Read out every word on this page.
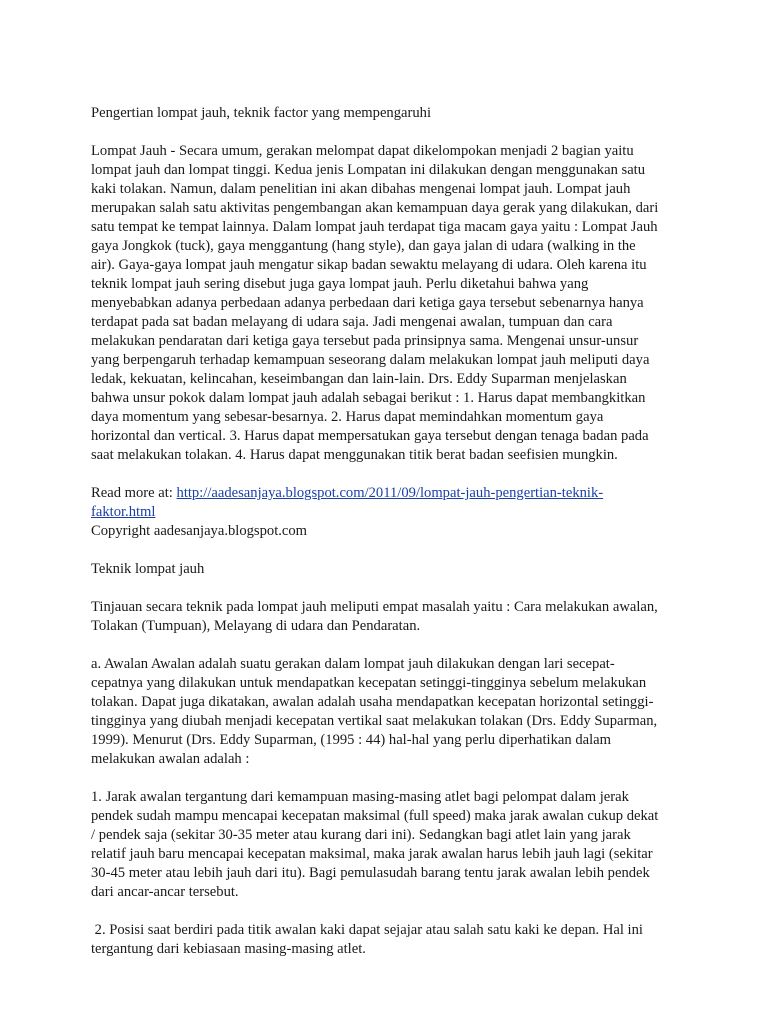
Pengertian lompat jauh, teknik factor yang mempengaruhi

Lompat Jauh - Secara umum, gerakan melompat dapat dikelompokan menjadi 2 bagian yaitu
lompat jauh dan lompat tinggi. Kedua jenis Lompatan ini dilakukan dengan menggunakan satu
kaki tolakan. Namun, dalam penelitian ini akan dibahas mengenai lompat jauh. Lompat jauh
merupakan salah satu aktivitas pengembangan akan kemampuan daya gerak yang dilakukan, dari
satu tempat ke tempat lainnya. Dalam lompat jauh terdapat tiga macam gaya yaitu : Lompat Jauh
gaya Jongkok (tuck), gaya menggantung (hang style), dan gaya jalan di udara (walking in the
air). Gaya-gaya lompat jauh mengatur sikap badan sewaktu melayang di udara. Oleh karena itu
teknik lompat jauh sering disebut juga gaya lompat jauh. Perlu diketahui bahwa yang
menyebabkan adanya perbedaan adanya perbedaan dari ketiga gaya tersebut sebenarnya hanya
terdapat pada sat badan melayang di udara saja. Jadi mengenai awalan, tumpuan dan cara
melakukan pendaratan dari ketiga gaya tersebut pada prinsipnya sama. Mengenai unsur-unsur
yang berpengaruh terhadap kemampuan seseorang dalam melakukan lompat jauh meliputi daya
ledak, kekuatan, kelincahan, keseimbangan dan lain-lain. Drs. Eddy Suparman menjelaskan
bahwa unsur pokok dalam lompat jauh adalah sebagai berikut : 1. Harus dapat membangkitkan
daya momentum yang sebesar-besarnya. 2. Harus dapat memindahkan momentum gaya
horizontal dan vertical. 3. Harus dapat mempersatukan gaya tersebut dengan tenaga badan pada
saat melakukan tolakan. 4. Harus dapat menggunakan titik berat badan seefisien mungkin.

Read more at: http://aadesanjaya.blogspot.com/2011/09/lompat-jauh-pengertian-teknik-
faktor.html
Copyright aadesanjaya.blogspot.com

Teknik lompat jauh

Tinjauan secara teknik pada lompat jauh meliputi empat masalah yaitu : Cara melakukan awalan,
Tolakan (Tumpuan), Melayang di udara dan Pendaratan.

a. Awalan Awalan adalah suatu gerakan dalam lompat jauh dilakukan dengan lari secepat-
cepatnya yang dilakukan untuk mendapatkan kecepatan setinggi-tingginya sebelum melakukan
tolakan. Dapat juga dikatakan, awalan adalah usaha mendapatkan kecepatan horizontal setinggi-
tingginya yang diubah menjadi kecepatan vertikal saat melakukan tolakan (Drs. Eddy Suparman,
1999). Menurut (Drs. Eddy Suparman, (1995 : 44) hal-hal yang perlu diperhatikan dalam
melakukan awalan adalah :

1. Jarak awalan tergantung dari kemampuan masing-masing atlet bagi pelompat dalam jerak
pendek sudah mampu mencapai kecepatan maksimal (full speed) maka jarak awalan cukup dekat
/ pendek saja (sekitar 30-35 meter atau kurang dari ini). Sedangkan bagi atlet lain yang jarak
relatif jauh baru mencapai kecepatan maksimal, maka jarak awalan harus lebih jauh lagi (sekitar
30-45 meter atau lebih jauh dari itu). Bagi pemulasudah barang tentu jarak awalan lebih pendek
dari ancar-ancar tersebut.

2. Posisi saat berdiri pada titik awalan kaki dapat sejajar atau salah satu kaki ke depan. Hal ini
tergantung dari kebiasaan masing-masing atlet.
